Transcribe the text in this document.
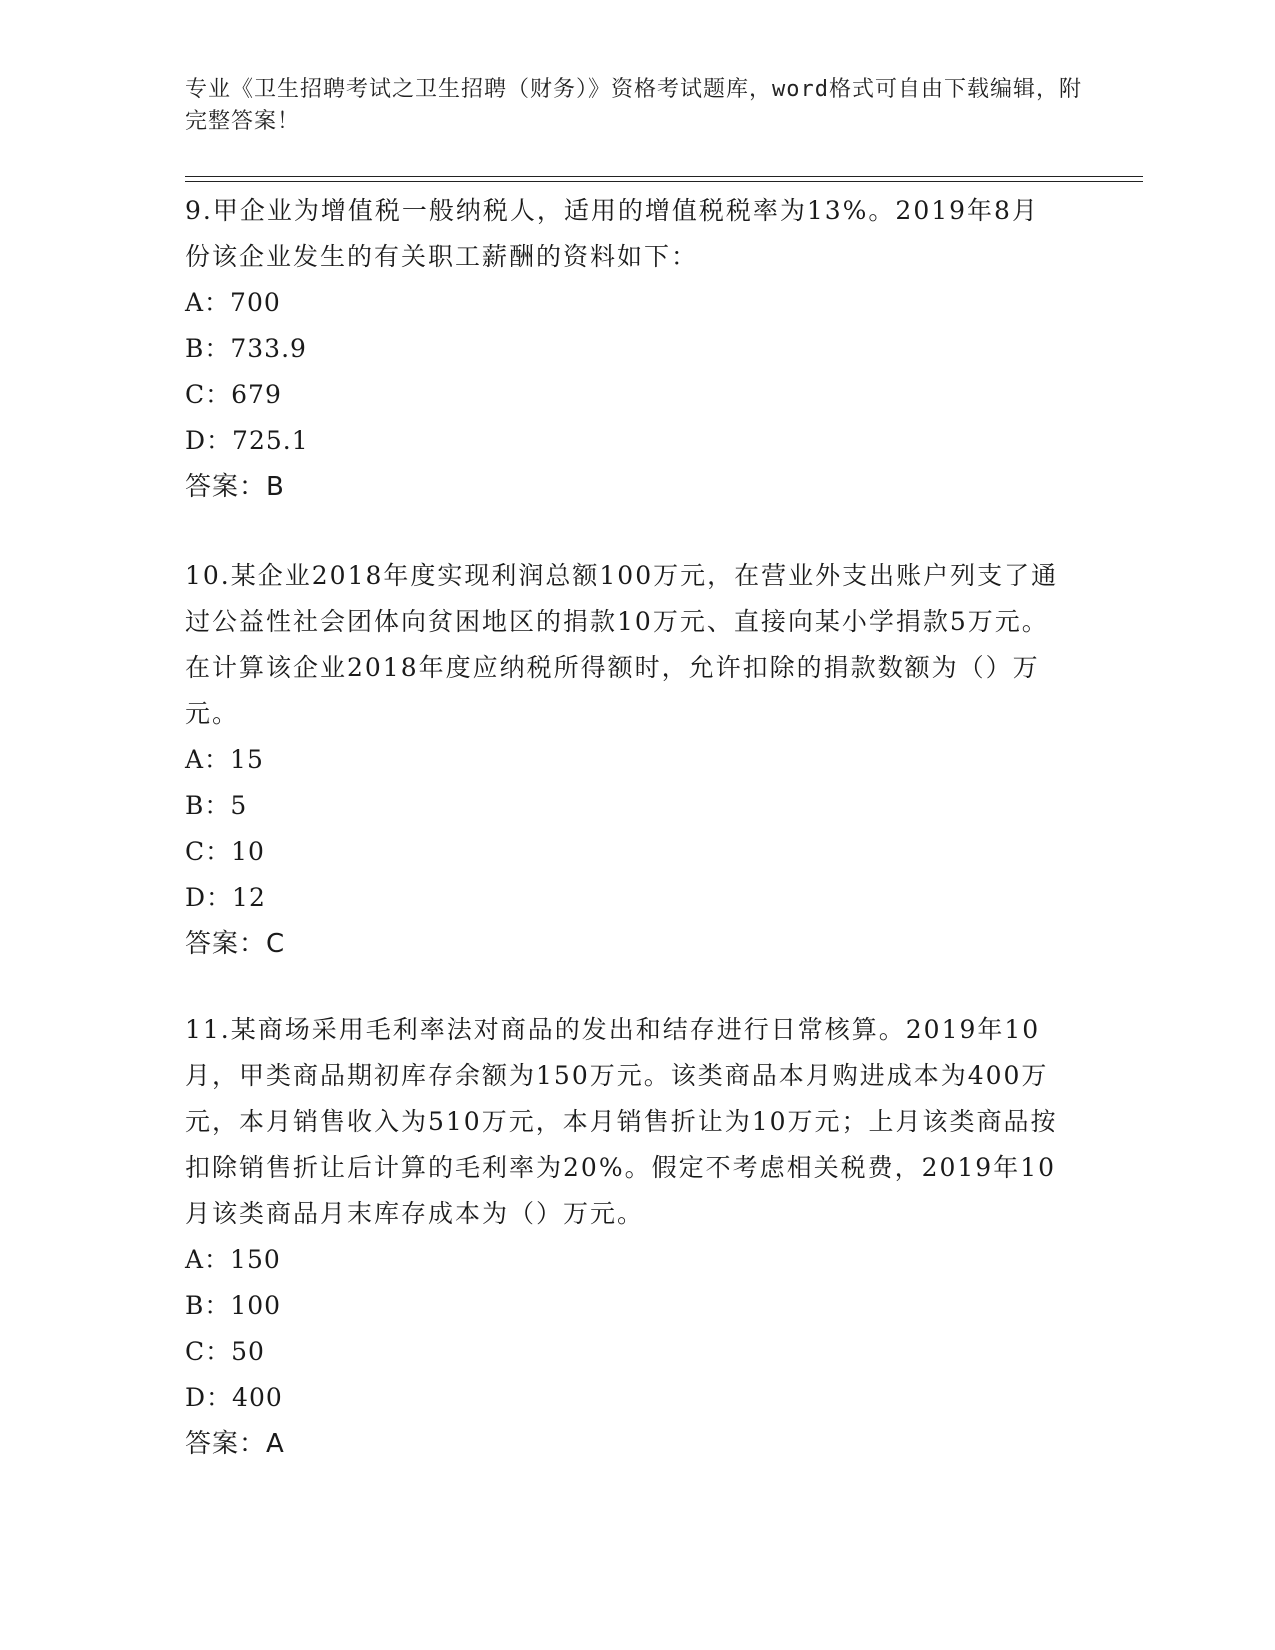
专业《卫生招聘考试之卫生招聘（财务）》资格考试题库，word格式可自由下载编辑，附完整答案！

9.甲企业为增值税一般纳税人，适用的增值税税率为13%。2019年8月份该企业发生的有关职工薪酬的资料如下：

A：700
B：733.9
C：679
D：725.1
答案：B

10.某企业2018年度实现利润总额100万元，在营业外支出账户列支了通过公益性社会团体向贫困地区的捐款10万元、直接向某小学捐款5万元。在计算该企业2018年度应纳税所得额时，允许扣除的捐款数额为（）万元。

A：15
B：5
C：10
D：12
答案：C

11.某商场采用毛利率法对商品的发出和结存进行日常核算。2019年10月，甲类商品期初库存余额为150万元。该类商品本月购进成本为400万元，本月销售收入为510万元，本月销售折让为10万元；上月该类商品按扣除销售折让后计算的毛利率为20%。假定不考虑相关税费，2019年10月该类商品月末库存成本为（）万元。

A：150
B：100
C：50
D：400
答案：A
